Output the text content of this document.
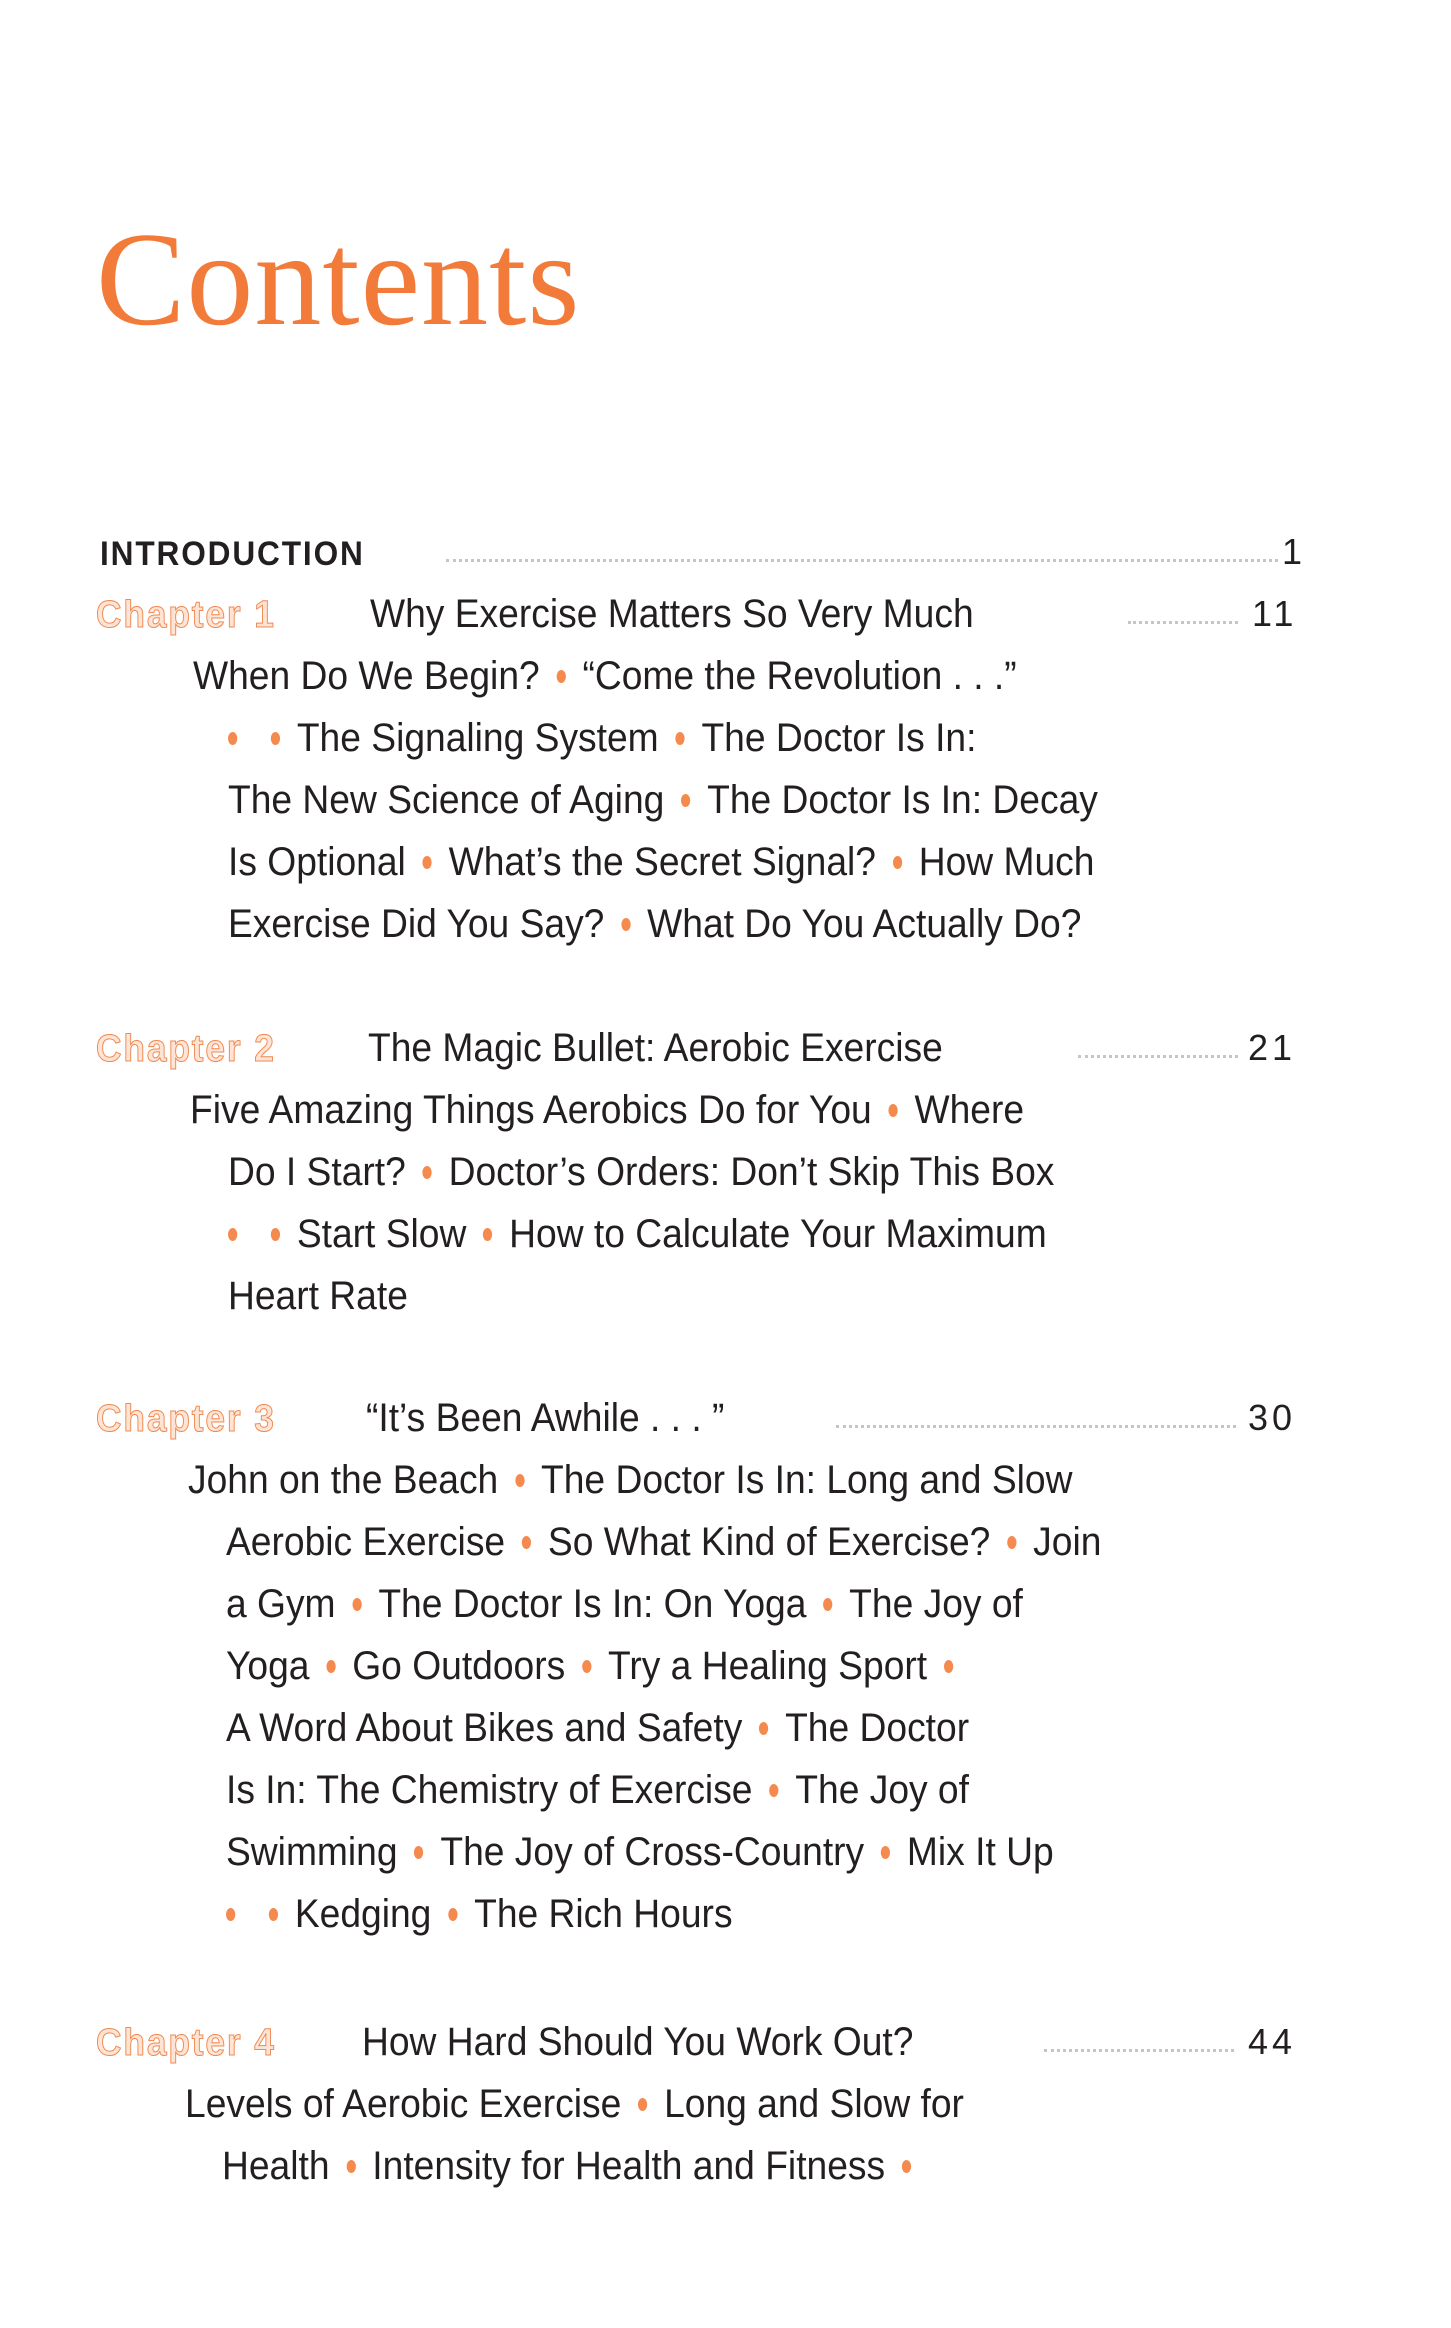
Contents
INTRODUCTION	1
Chapter 1 Why Exercise Matters So Very Much	11
When Do We Begin? “Come the Revolution . . .”
The Signaling System The Doctor Is In:
The New Science of Aging The Doctor Is In: Decay
Is Optional What’s the Secret Signal? How Much
Exercise Did You Say? What Do You Actually Do?
Chapter 2 The Magic Bullet: Aerobic Exercise	21
Five Amazing Things Aerobics Do for You Where
Do I Start? Doctor’s Orders: Don’t Skip This Box
Start Slow How to Calculate Your Maximum
Heart Rate
Chapter 3 “It’s Been Awhile . . . ”	30
John on the Beach The Doctor Is In: Long and Slow
Aerobic Exercise So What Kind of Exercise? Join
a Gym The Doctor Is In: On Yoga The Joy of
Yoga Go Outdoors Try a Healing Sport
A Word About Bikes and Safety The Doctor
Is In: The Chemistry of Exercise The Joy of
Swimming The Joy of Cross-Country Mix It Up
Kedging The Rich Hours
Chapter 4 How Hard Should You Work Out?	44
Levels of Aerobic Exercise Long and Slow for
Health Intensity for Health and Fitness
